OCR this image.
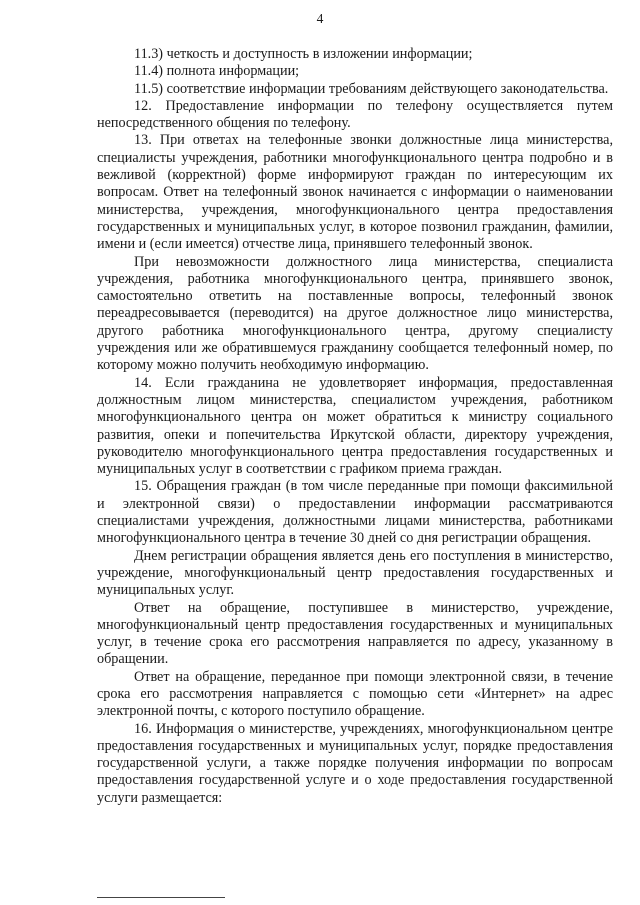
4

11.3) четкость и доступность в изложении информации;

11.4) полнота информации;

11.5) соответствие информации требованиям действующего законодательства.

12. Предоставление информации по телефону осуществляется путем непосредственного общения по телефону.

13. При ответах на телефонные звонки должностные лица министерства, специалисты учреждения, работники многофункционального центра подробно и в вежливой (корректной) форме информируют граждан по интересующим их вопросам. Ответ на телефонный звонок начинается с информации о наименовании министерства, учреждения, многофункционального центра предоставления государственных и муниципальных услуг, в которое позвонил гражданин, фамилии, имени и (если имеется) отчестве лица, принявшего телефонный звонок.

При невозможности должностного лица министерства, специалиста учреждения, работника многофункционального центра, принявшего звонок, самостоятельно ответить на поставленные вопросы, телефонный звонок переадресовывается (переводится) на другое должностное лицо министерства, другого работника многофункционального центра, другому специалисту учреждения или же обратившемуся гражданину сообщается телефонный номер, по которому можно получить необходимую информацию.

14. Если гражданина не удовлетворяет информация, предоставленная должностным лицом министерства, специалистом учреждения, работником многофункционального центра он может обратиться к министру социального развития, опеки и попечительства Иркутской области, директору учреждения, руководителю многофункционального центра предоставления государственных и муниципальных услуг в соответствии с графиком приема граждан.

15. Обращения граждан (в том числе переданные при помощи факсимильной и электронной связи) о предоставлении информации рассматриваются специалистами учреждения, должностными лицами министерства, работниками многофункционального центра в течение 30 дней со дня регистрации обращения.

Днем регистрации обращения является день его поступления в министерство, учреждение, многофункциональный центр предоставления государственных и муниципальных услуг.

Ответ на обращение, поступившее в министерство, учреждение, многофункциональный центр предоставления государственных и муниципальных услуг, в течение срока его рассмотрения направляется по адресу, указанному в обращении.

Ответ на обращение, переданное при помощи электронной связи, в течение срока его рассмотрения направляется с помощью сети «Интернет» на адрес электронной почты, с которого поступило обращение.

16. Информация о министерстве, учреждениях, многофункциональном центре предоставления государственных и муниципальных услуг, порядке предоставления государственной услуги, а также порядке получения информации по вопросам предоставления государственной услуге и о ходе предоставления государственной услуги размещается:
